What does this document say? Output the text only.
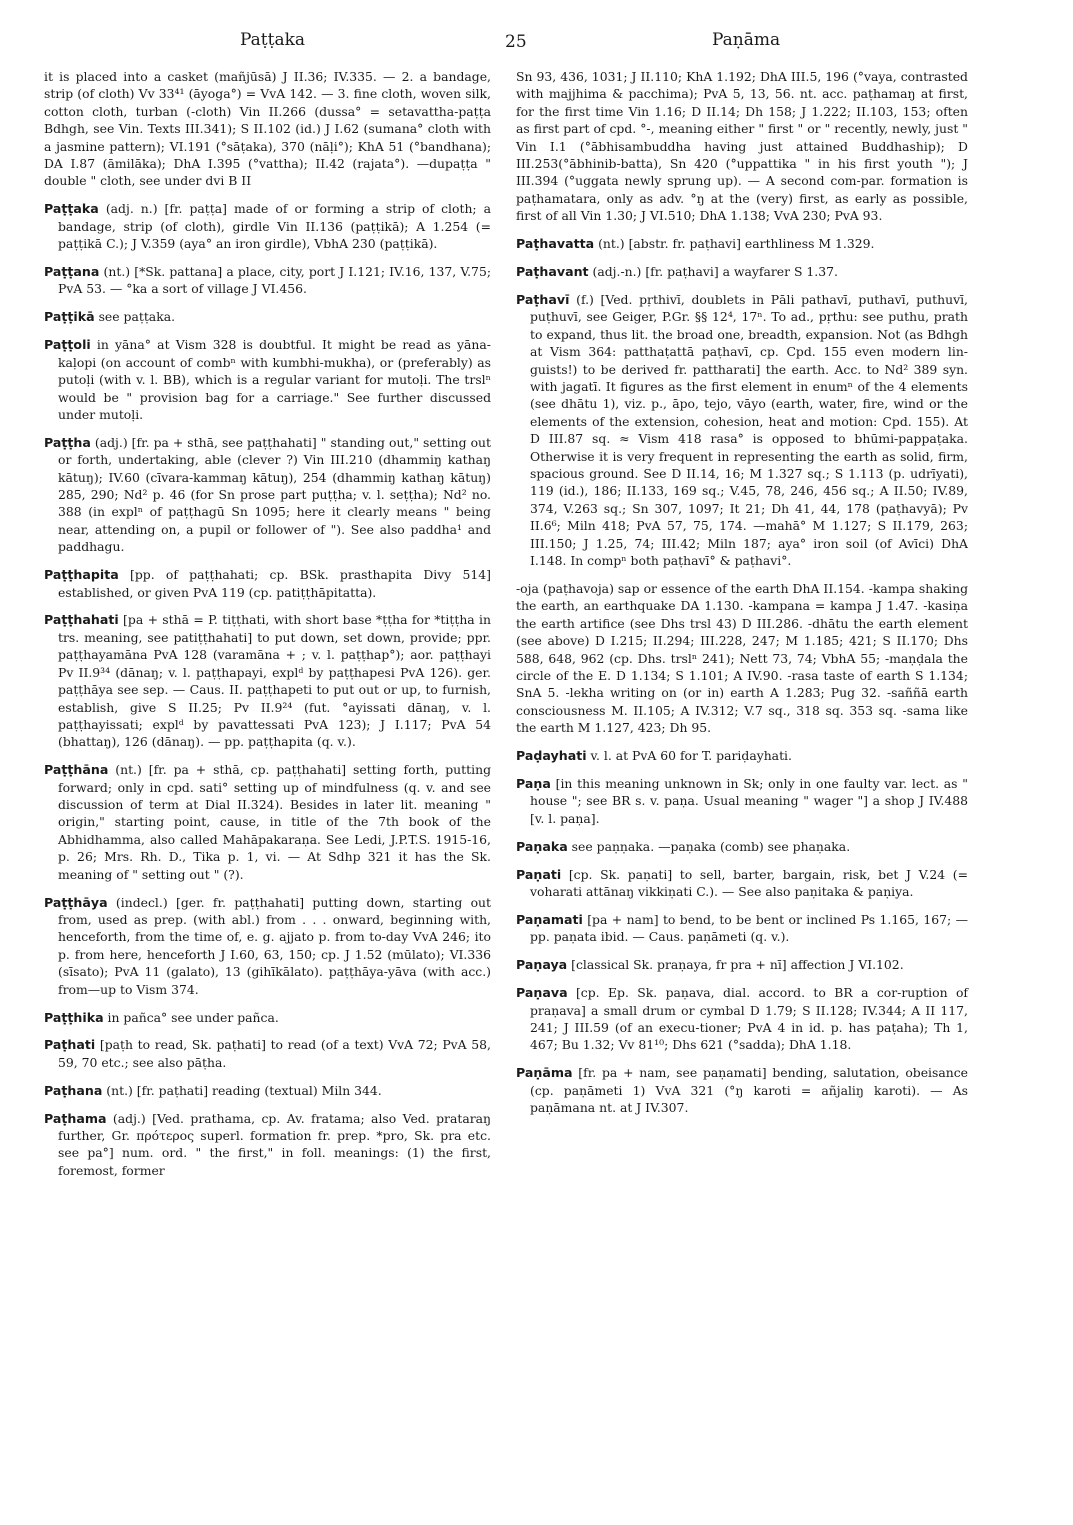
Paṭṭaka	25	Paṇāma

it is placed into a casket (mañjūsā) J II.36; IV.335. — 2. a bandage, strip (of cloth) Vv 33⁴¹ (āyoga°) = VvA 142. — 3. fine cloth, woven silk, cotton cloth, turban (-cloth) Vin II.266 (dussa° = setavattha-paṭṭa Bdhgh, see Vin. Texts III.341); S II.102 (id.) J I.62 (sumana° cloth with a jasmine pattern); VI.191 (°sāṭaka), 370 (nāḷi°); KhA 51 (°bandhana); DA I.87 (āmilāka); DhA I.395 (°vattha); II.42 (rajata°). —dupaṭṭa " double " cloth, see under dvi B II

Paṭṭaka (adj. n.) [fr. paṭṭa] made of or forming a strip of cloth; a bandage, strip (of cloth), girdle Vin II.136 (paṭṭikā); A 1.254 (= paṭṭikā C.); J V.359 (aya° an iron girdle), VbhA 230 (paṭṭikā).

Paṭṭana (nt.) [*Sk. pattana] a place, city, port J I.121; IV.16, 137, V.75; PvA 53. — °ka a sort of village J VI.456.

Paṭṭikā see paṭṭaka.

Paṭṭoli in yāna° at Vism 328 is doubtful. It might be read as yāna-kaḷopi (on account of combⁿ with kumbhi-mukha), or (preferably) as putoḷi (with v. l. BB), which is a regular variant for mutoḷi. The trslⁿ would be " provision bag for a carriage." See further discussed under mutoḷi.

Paṭṭha (adj.) [fr. pa + sthā, see paṭṭhahati] " standing out," setting out or forth, undertaking, able (clever ?) Vin III.210 (dhammiŋ kathaŋ kātuŋ); IV.60 (cīvara-kammaŋ kātuŋ), 254 (dhammiŋ kathaŋ kātuŋ) 285, 290; Nd² p. 46 (for Sn prose part puṭṭha; v. l. seṭṭha); Nd² no. 388 (in explⁿ of paṭṭhagū Sn 1095; here it clearly means " being near, attending on, a pupil or follower of "). See also paddha¹ and paddhagu.

Paṭṭhapita [pp. of paṭṭhahati; cp. BSk. prasthapita Divy 514] established, or given PvA 119 (cp. patiṭṭhāpitatta).

Paṭṭhahati [pa + sthā = P. tiṭṭhati, with short base *ṭṭha for *tiṭṭha in trs. meaning, see patiṭṭhahati] to put down, set down, provide; ppr. paṭṭhayamāna PvA 128 (varamāna + ; v. l. paṭṭhap°); aor. paṭṭhayi Pv II.9³⁴ (dānaŋ; v. l. paṭṭhapayi, explᵈ by paṭṭhapesi PvA 126). ger. paṭṭhāya see sep. — Caus. II. paṭṭhapeti to put out or up, to furnish, establish, give S II.25; Pv II.9²⁴ (fut. °ayissati dānaŋ, v. l. paṭṭhayissati; explᵈ by pavattessati PvA 123); J I.117; PvA 54 (bhattaŋ), 126 (dānaŋ). — pp. paṭṭhapita (q. v.).

Paṭṭhāna (nt.) [fr. pa + sthā, cp. paṭṭhahati] setting forth, putting forward; only in cpd. sati° setting up of mindfulness (q. v. and see discussion of term at Dial II.324). Besides in later lit. meaning " origin," starting point, cause, in title of the 7th book of the Abhidhamma, also called Mahāpakaraṇa. See Ledi, J.P.T.S. 1915-16, p. 26; Mrs. Rh. D., Tika p. 1, vi. — At Sdhp 321 it has the Sk. meaning of " setting out " (?).

Paṭṭhāya (indecl.) [ger. fr. paṭṭhahati] putting down, starting out from, used as prep. (with abl.) from . . . onward, beginning with, henceforth, from the time of, e. g. ajjato p. from to-day VvA 246; ito p. from here, henceforth J I.60, 63, 150; cp. J 1.52 (mūlato); VI.336 (sīsato); PvA 11 (galato), 13 (gihīkālato). paṭṭhāya-yāva (with acc.) from—up to Vism 374.

Paṭṭhika in pañca° see under pañca.

Paṭhati [paṭh to read, Sk. paṭhati] to read (of a text) VvA 72; PvA 58, 59, 70 etc.; see also pāṭha.

Paṭhana (nt.) [fr. paṭhati] reading (textual) Miln 344.

Paṭhama (adj.) [Ved. prathama, cp. Av. fratama; also Ved. prataraŋ further, Gr. πρότερος superl. formation fr. prep. *pro, Sk. pra etc. see pa°] num. ord. " the first," in foll. meanings: (1) the first, foremost, former

Sn 93, 436, 1031; J II.110; KhA 1.192; DhA III.5, 196 (°vaya, contrasted with majjhima & pacchima); PvA 5, 13, 56. nt. acc. paṭhamaŋ at first, for the first time Vin 1.16; D II.14; Dh 158; J 1.222; II.103, 153; often as first part of cpd. °-, meaning either " first " or " recently, newly, just " Vin I.1 (°ābhisambuddha having just attained Buddhaship); D III.253(°ābhinib-batta), Sn 420 (°uppattika " in his first youth "); J III.394 (°uggata newly sprung up). — A second com-par. formation is paṭhamatara, only as adv. °ŋ at the (very) first, as early as possible, first of all Vin 1.30; J VI.510; DhA 1.138; VvA 230; PvA 93.

Paṭhavatta (nt.) [abstr. fr. paṭhavi] earthliness M 1.329.

Paṭhavant (adj.-n.) [fr. paṭhavi] a wayfarer S 1.37.

Paṭhavī (f.) [Ved. pṛthivī, doublets in Pāli pathavī, puthavī, puthuvī, puṭhuvī, see Geiger, P.Gr. §§ 12⁴, 17ⁿ. To ad., pṛthu: see puthu, prath to expand, thus lit. the broad one, breadth, expansion. Not (as Bdhgh at Vism 364: patthaṭattā paṭhavī, cp. Cpd. 155 even modern lin-guists!) to be derived fr. pattharati] the earth. Acc. to Nd² 389 syn. with jagatī. It figures as the first element in enumⁿ of the 4 elements (see dhātu 1), viz. p., āpo, tejo, vāyo (earth, water, fire, wind or the elements of the extension, cohesion, heat and motion: Cpd. 155). At D III.87 sq. ≈ Vism 418 rasa° is opposed to bhūmi-pappaṭaka. Otherwise it is very frequent in representing the earth as solid, firm, spacious ground. See D II.14, 16; M 1.327 sq.; S 1.113 (p. udrīyati), 119 (id.), 186; II.133, 169 sq.; V.45, 78, 246, 456 sq.; A II.50; IV.89, 374, V.263 sq.; Sn 307, 1097; It 21; Dh 41, 44, 178 (paṭhavyā); Pv II.6⁶; Miln 418; PvA 57, 75, 174. —mahā° M 1.127; S II.179, 263; III.150; J 1.25, 74; III.42; Miln 187; aya° iron soil (of Avīci) DhA I.148. In compⁿ both paṭhavī° & paṭhavi°.

-oja (paṭhavoja) sap or essence of the earth DhA II.154. -kampa shaking the earth, an earthquake DA 1.130. -kampana = kampa J 1.47. -kasiṇa the earth artifice (see Dhs trsl 43) D III.286. -dhātu the earth element (see above) D I.215; II.294; III.228, 247; M 1.185; 421; S II.170; Dhs 588, 648, 962 (cp. Dhs. trslⁿ 241); Nett 73, 74; VbhA 55; -maṇḍala the circle of the E. D 1.134; S 1.101; A IV.90. -rasa taste of earth S 1.134; SnA 5. -lekha writing on (or in) earth A 1.283; Pug 32. -saññā earth consciousness M. II.105; A IV.312; V.7 sq., 318 sq. 353 sq. -sama like the earth M 1.127, 423; Dh 95.

Paḍayhati v. l. at PvA 60 for T. pariḍayhati.

Paṇa [in this meaning unknown in Sk; only in one faulty var. lect. as " house "; see BR s. v. paṇa. Usual meaning " wager "] a shop J IV.488 [v. l. paṇa].

Paṇaka see paṇṇaka. —paṇaka (comb) see phaṇaka.

Paṇati [cp. Sk. paṇati] to sell, barter, bargain, risk, bet J V.24 (= voharati attānaŋ vikkiṇati C.). — See also paṇitaka & paṇiya.

Paṇamati [pa + nam] to bend, to be bent or inclined Ps 1.165, 167; — pp. paṇata ibid. — Caus. paṇāmeti (q. v.).

Paṇaya [classical Sk. praṇaya, fr pra + nī] affection J VI.102.

Paṇava [cp. Ep. Sk. paṇava, dial. accord. to BR a cor-ruption of praṇava] a small drum or cymbal D 1.79; S II.128; IV.344; A II 117, 241; J III.59 (of an execu-tioner; PvA 4 in id. p. has paṭaha); Th 1, 467; Bu 1.32; Vv 81¹⁰; Dhs 621 (°sadda); DhA 1.18.

Paṇāma [fr. pa + nam, see paṇamati] bending, salutation, obeisance (cp. paṇāmeti 1) VvA 321 (°ŋ karoti = añjaliŋ karoti). — As paṇāmana nt. at J IV.307.
